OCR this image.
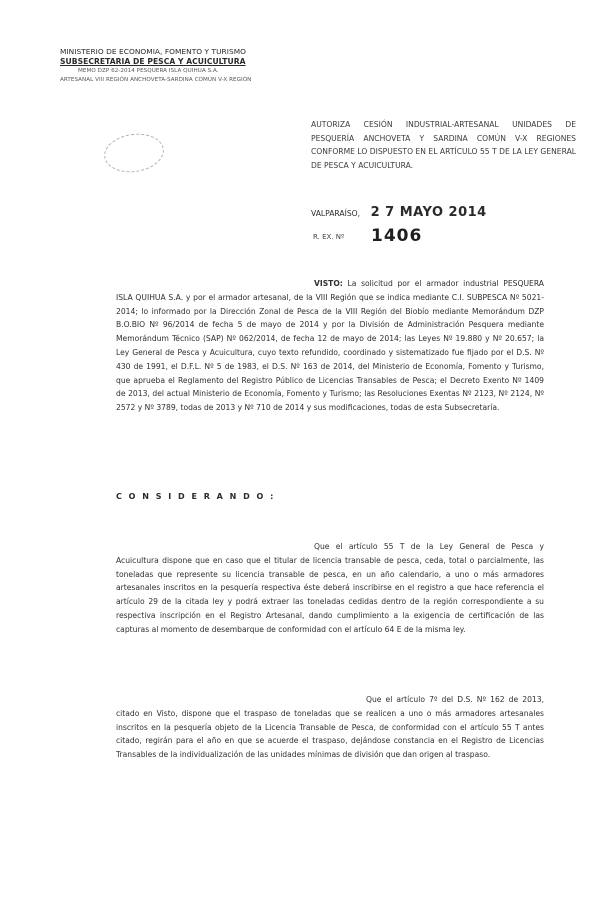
MINISTERIO DE ECONOMIA, FOMENTO Y TURISMO
SUBSECRETARIA DE PESCA Y ACUICULTURA
MEMO DZP 62-2014 PESQUERA ISLA QUIHUA S.A.
ARTESANAL VIII REGIÓN ANCHOVETA-SARDINA COMÚN V-X REGIÓN
AUTORIZA CESIÓN INDUSTRIAL-ARTESANAL UNIDADES DE PESQUERÍA ANCHOVETA Y SARDINA COMÚN V-X REGIONES CONFORME LO DISPUESTO EN EL ARTÍCULO 55 T DE LA LEY GENERAL DE PESCA Y ACUICULTURA.
VALPARAÍSO, 2 7 MAYO 2014
R. EX. Nº 1406
VISTO: La solicitud por el armador industrial PESQUERA ISLA QUIHUA S.A. y por el armador artesanal, de la VIII Región que se indica mediante C.I. SUBPESCA Nº 5021-2014; lo informado por la Dirección Zonal de Pesca de la VIII Región del Biobío mediante Memorándum DZP B.O.BIO Nº 96/2014 de fecha 5 de mayo de 2014 y por la División de Administración Pesquera mediante Memorándum Técnico (SAP) Nº 062/2014, de fecha 12 de mayo de 2014; las Leyes Nº 19.880 y Nº 20.657; la Ley General de Pesca y Acuicultura, cuyo texto refundido, coordinado y sistematizado fue fijado por el D.S. Nº 430 de 1991, el D.F.L. Nº 5 de 1983, el D.S. Nº 163 de 2014, del Ministerio de Economía, Fomento y Turismo, que aprueba el Reglamento del Registro Público de Licencias Transables de Pesca; el Decreto Exento Nº 1409 de 2013, del actual Ministerio de Economía, Fomento y Turismo; las Resoluciones Exentas Nº 2123, Nº 2124, Nº 2572 y Nº 3789, todas de 2013 y Nº 710 de 2014 y sus modificaciones, todas de esta Subsecretaría.
C O N S I D E R A N D O :
Que el artículo 55 T de la Ley General de Pesca y Acuicultura dispone que en caso que el titular de licencia transable de pesca, ceda, total o parcialmente, las toneladas que represente su licencia transable de pesca, en un año calendario, a uno o más armadores artesanales inscritos en la pesquería respectiva éste deberá inscribirse en el registro a que hace referencia el artículo 29 de la citada ley y podrá extraer las toneladas cedidas dentro de la región correspondiente a su respectiva inscripción en el Registro Artesanal, dando cumplimiento a la exigencia de certificación de las capturas al momento de desembarque de conformidad con el artículo 64 E de la misma ley.
Que el artículo 7º del D.S. Nº 162 de 2013, citado en Visto, dispone que el traspaso de toneladas que se realicen a uno o más armadores artesanales inscritos en la pesquería objeto de la Licencia Transable de Pesca, de conformidad con el artículo 55 T antes citado, regirán para el año en que se acuerde el traspaso, dejándose constancia en el Registro de Licencias Transables de la individualización de las unidades mínimas de división que dan origen al traspaso.
